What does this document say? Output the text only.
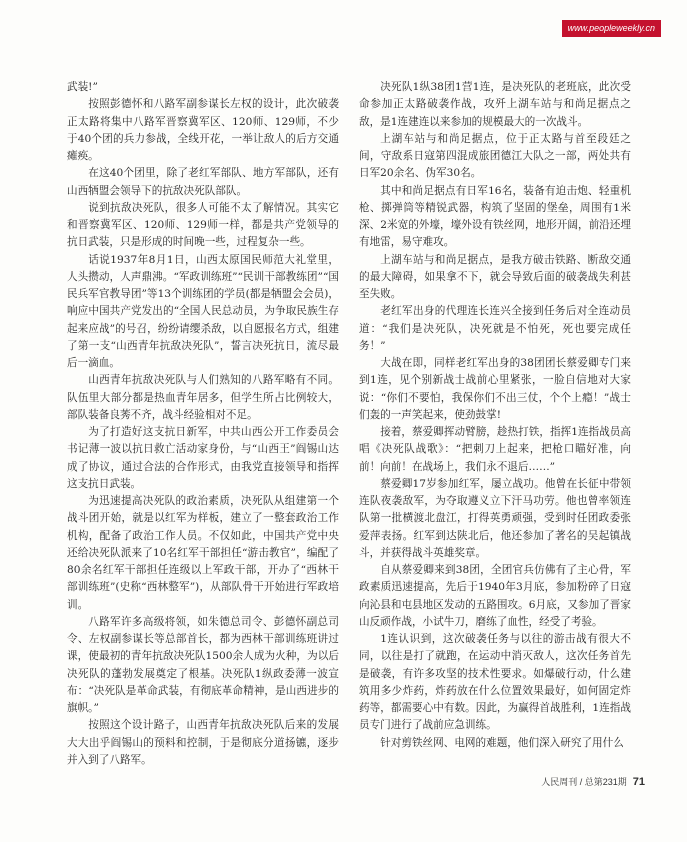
www.peopleweekly.cn

武装!”

按照彭德怀和八路军副参谋长左权的设计，此次破袭正太路将集中八路军晋察冀军区、120师、129师，不少于40个团的兵力参战，全线开花，一举让敌人的后方交通瘫痪。

在这40个团里，除了老红军部队、地方军部队，还有山西牺盟会领导下的抗敌决死队部队。

说到抗敌决死队，很多人可能不太了解情况。其实它和晋察冀军区、120师、129师一样，都是共产党领导的抗日武装，只是形成的时间晚一些，过程复杂一些。

话说1937年8月1日，山西太原国民师范大礼堂里，人头攒动，人声鼎沸。“军政训练班”“民训干部教练团”“国民兵军官教导团”等13个训练团的学员(都是牺盟会会员)，响应中国共产党发出的“全国人民总动员，为争取民族生存起来应战”的号召，纷纷请缨杀敌，以自愿报名方式，组建了第一支“山西青年抗敌决死队”，誓言决死抗日，流尽最后一滴血。

山西青年抗敌决死队与人们熟知的八路军略有不同。队伍里大部分都是热血青年居多，但学生所占比例较大，部队装备良莠不齐，战斗经验相对不足。

为了打造好这支抗日新军，中共山西公开工作委员会书记薄一波以抗日救亡活动家身份，与“山西王”阎锡山达成了协议，通过合法的合作形式，由我党直接领导和指挥这支抗日武装。

为迅速提高决死队的政治素质，决死队从组建第一个战斗团开始，就是以红军为样板，建立了一整套政治工作机构，配备了政治工作人员。不仅如此，中国共产党中央还给决死队派来了10名红军干部担任“游击教官”，编配了80余名红军干部担任连级以上军政干部，开办了“西林干部训练班”(史称“西林整军”)，从部队骨干开始进行军政培训。

八路军许多高级将领，如朱德总司令、彭德怀副总司令、左权副参谋长等总部首长，都为西林干部训练班讲过课，使最初的青年抗敌决死队1500余人成为火种，为以后决死队的蓬勃发展奠定了根基。决死队1纵政委薄一波宣布：“决死队是革命武装，有彻底革命精神，是山西进步的旗帜。”

按照这个设计路子，山西青年抗敌决死队后来的发展大大出乎阎锡山的预料和控制，于是彻底分道扬镳，逐步并入到了八路军。

决死队1纵38团1营1连，是决死队的老班底，此次受命参加正太路破袭作战，攻歼上湖车站与和尚足据点之敌，是1连建连以来参加的规模最大的一次战斗。

上湖车站与和尚足据点，位于正太路与首至段廷之间，守敌系日寇第四混成旅团德江大队之一部，两处共有日军20余名、伪军30名。

其中和尚足据点有日军16名，装备有迫击炮、轻重机枪、掷弹筒等精锐武器，构筑了坚固的堡垒，周围有1米深、2米宽的外壕，壕外设有铁丝网，地形开阔，前沿还埋有地雷，易守难攻。

上湖车站与和尚足据点，是我方破击铁路、断敌交通的最大障碍，如果拿不下，就会导致后面的破袭战失利甚至失败。

老红军出身的代理连长连兴全接到任务后对全连动员道：“我们是决死队，决死就是不怕死，死也要完成任务！”

大战在即，同样老红军出身的38团团长蔡爱卿专门来到1连，见个别新战士战前心里紧张，一脸自信地对大家说：“你们不要怕，我保你们不出三仗，个个上瘾！”战士们轰的一声笑起来，使劲鼓掌!

接着，蔡爱卿挥动臂膀，趁热打铁，指挥1连指战员高唱《决死队战歌》：“把刺刀上起来，把枪口瞄好准，向前！向前！在战场上，我们永不退后……”

蔡爱卿17岁参加红军，屡立战功。他曾在长征中带领连队夜袭敌军，为夺取遵义立下汗马功劳。他也曾率领连队第一批横渡北盘江，打得英勇顽强，受到时任团政委张爱萍表扬。红军到达陕北后，他还参加了著名的吴起镇战斗，并获得战斗英雄奖章。

自从蔡爱卿来到38团，全团官兵仿佛有了主心骨，军政素质迅速提高，先后于1940年3月底，参加粉碎了日寇向沁县和屯县地区发动的五路围攻。6月底，又参加了晋家山反顽作战，小试牛刀，磨练了血性，经受了考验。

1连认识到，这次破袭任务与以往的游击战有很大不同，以往是打了就跑，在运动中消灭敌人，这次任务首先是破袭，有许多攻坚的技术性要求。如爆破行动，什么建筑用多少炸药，炸药放在什么位置效果最好，如何固定炸药等，都需要心中有数。因此，为赢得首战胜利，1连指战员专门进行了战前应急训练。

针对剪铁丝网、电网的难题，他们深入研究了用什么

人民周刊 / 总第231期 71
